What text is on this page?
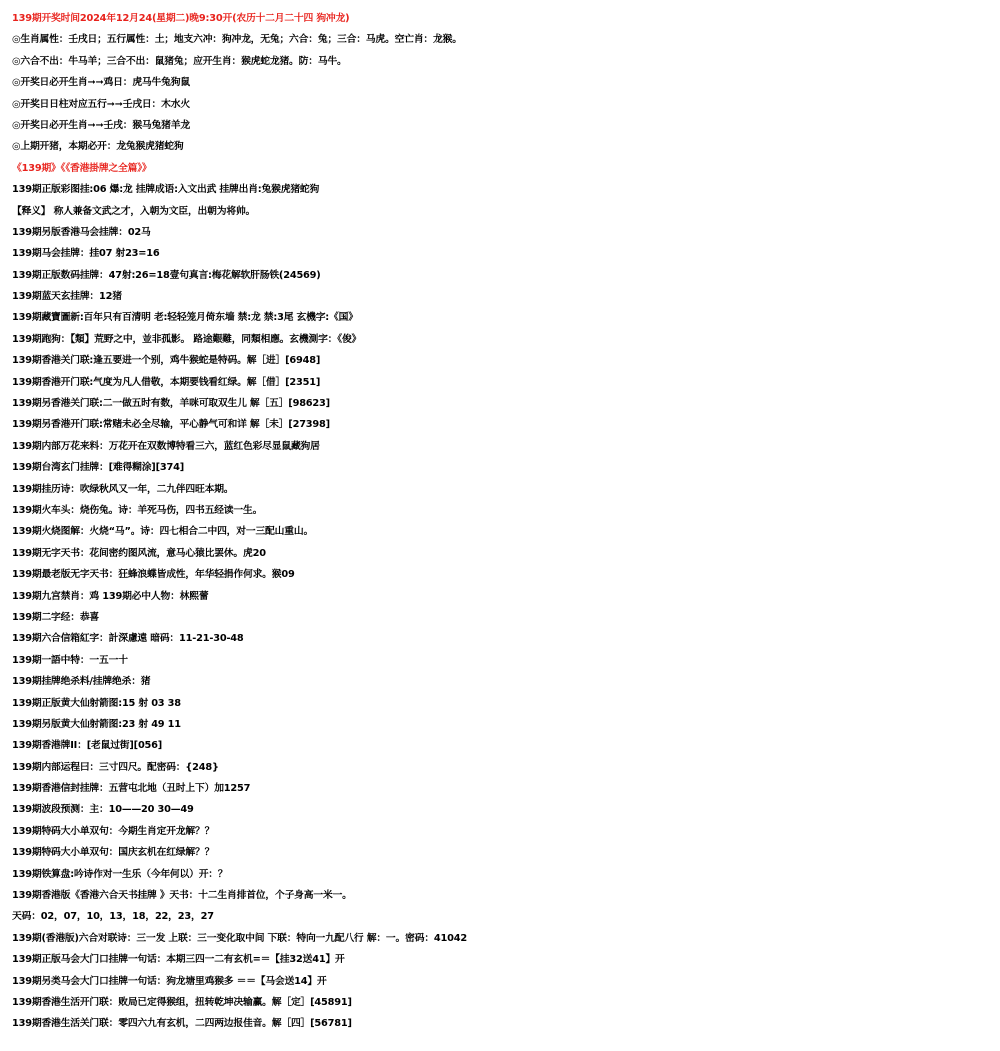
139期开奖时间2024年12月24(星期二)晚9:30开(农历十二月二十四 狗冲龙)
◎生肖属性：壬戌日；五行属性：土；地支六冲：狗冲龙，无兔；六合：兔；三合：马虎。空亡肖：龙猴。
◎六合不出：牛马羊；三合不出：鼠猪兔；应开生肖：猴虎蛇龙猪。防：马牛。
◎开奖日必开生肖➞➞鸡日：虎马牛兔狗鼠
◎开奖日日柱对应五行➞➞壬戌日：木水火
◎开奖日必开生肖➞➞壬戌：猴马兔猪羊龙
◎上期开猪，本期必开：龙兔猴虎猪蛇狗
《139期》《《香港掛牌之全篇》》
139期正版彩图挂:06 爆:龙 挂牌成语:入文出武 挂牌出肖:兔猴虎猪蛇狗
【释义】 称人兼备文武之才，入朝为文臣，出朝为将帅。
139期另版香港马会挂牌：02马
139期马会挂牌：挂07 射23=16
139期正版数码挂牌：47射:26=18壹句真言:梅花解软肝肠铁(24569)
139期蓝天玄挂牌：12猪
139期藏寶圖新:百年只有百清明 老:轻轻笼月倚东墙 禁:龙 禁:3尾 玄機字:《国》
139期跑狗：【類】荒野之中，並非孤影。 路途艱難，同類相應。玄機測字：《俊》
139期香港关门联:逢五要进一个别，鸡牛猴蛇是特码。解［进］[6948]
139期香港开门联:气度为凡人借敬，本期要钱看红绿。解［借］[2351]
139期另香港关门联:二一做五时有数，羊咪可取双生儿 解［五］[98623]
139期另香港开门联:常赌未必全尽输，平心静气可和详 解［未］[27398]
139期内部万花来料：万花开在双数博特看三六，蓝红色彩尽显鼠藏狗居
139期台湾玄门挂牌：[难得糊涂][374]
139期挂历诗：吹绿秋风又一年，二九伴四旺本期。
139期火车头：烧伤兔。诗：羊死马伤，四书五经读一生。
139期火烧图解：火烧“马”。诗：四七相合二中四，对一三配山重山。
139期无字天书：花间密约图风流，意马心猿比罢休。虎20
139期最老版无字天书：狂蜂浪蝶皆成性，年华轻捐作何求。猴09
139期九宫禁肖：鸡 139期必中人物：林熙蕾
139期二字经：恭喜
139期六合信箱紅字：計深慮遠 暗码：11-21-30-48
139期一語中特：一五一十
139期挂牌绝杀料/挂牌绝杀：猪
139期正版黄大仙射箭图:15 射 03 38
139期另版黄大仙射箭图:23 射 49 11
139期香港牌II：[老鼠过街][056]
139期内部运程曰：三寸四尺。配密码：{248}
139期香港信封挂牌：五营屯北地（丑时上下）加1257
139期波段预测：主：10——20 30—49
139期特码大小单双句：今期生肖定开龙解？？
139期特码大小单双句：国庆玄机在红绿解？？
139期铁算盘:吟诗作对一生乐（今年何以）开：？
139期香港版《香港六合天书挂牌 》天书：十二生肖排首位，个子身高一米一。
天码：02，07，10，13，18，22，23，27
139期(香港版)六合对联诗：三一发 上联：三一变化取中间 下联：特向一九配八行 解：一。密码：41042
139期正版马会大门口挂牌一句话：本期三四一二有玄机=＝【挂32送41】开
139期另类马会大门口挂牌一句话：狗龙塘里鸡猴多 ＝＝【马会送14】开
139期香港生活开门联：败局已定得猴组，扭转乾坤决输赢。解［定］[45891]
139期香港生活关门联：零四六九有玄机，二四两边报佳音。解［四］[56781]
